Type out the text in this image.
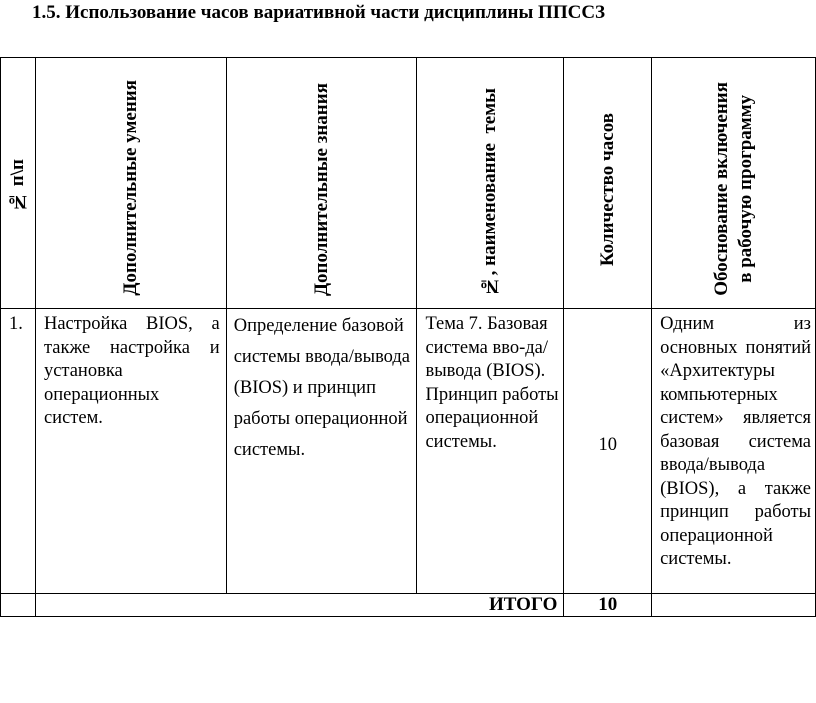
1.5. Использование часов вариативной части дисциплины ППССЗ
№ п\п	Дополнительные умения	Дополнительные знания	№, наименование  темы	Количество часов	Обоснование включения в рабочую программу

1.	Настройка BIOS, а также настройка и установка операционных систем.	Определение базовой системы ввода/вывода (BIOS) и принцип работы операционной системы.	Тема 7. Базовая система вво-да/вывода (BIOS). Принцип работы операционной системы.	10	Одним из основных понятий «Архитектуры компьютерных систем» является базовая система ввода/вывода (BIOS), а также принцип работы операционной системы.
	ИТОГО			10	
